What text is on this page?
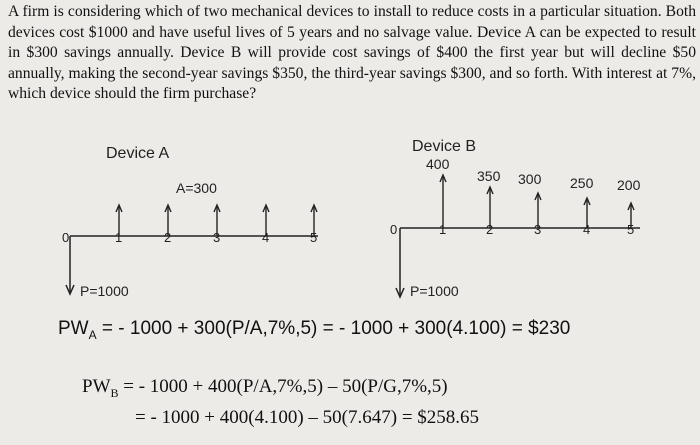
A firm is considering which of two mechanical devices to install to reduce costs in a particular situation. Both devices cost $1000 and have useful lives of 5 years and no salvage value. Device A can be expected to result in $300 savings annually. Device B will provide cost savings of $400 the first year but will decline $50 annually, making the second-year savings $350, the third-year savings $300, and so forth. With interest at 7%, which device should the firm purchase?
Device A
A=300
0	1	2	3	4	5
P=1000
Device B
400
350 300 250 200
0	1	2	3	4	5
P=1000
$PW_A$ = - 1000 + 300(P/A,7%,5) = - 1000 + 300(4.100) = $230
$PW_B$ = - 1000 + 400(P/A,7%,5) – 50(P/G,7%,5)
= - 1000 + 400(4.100) – 50(7.647) = $258.65
